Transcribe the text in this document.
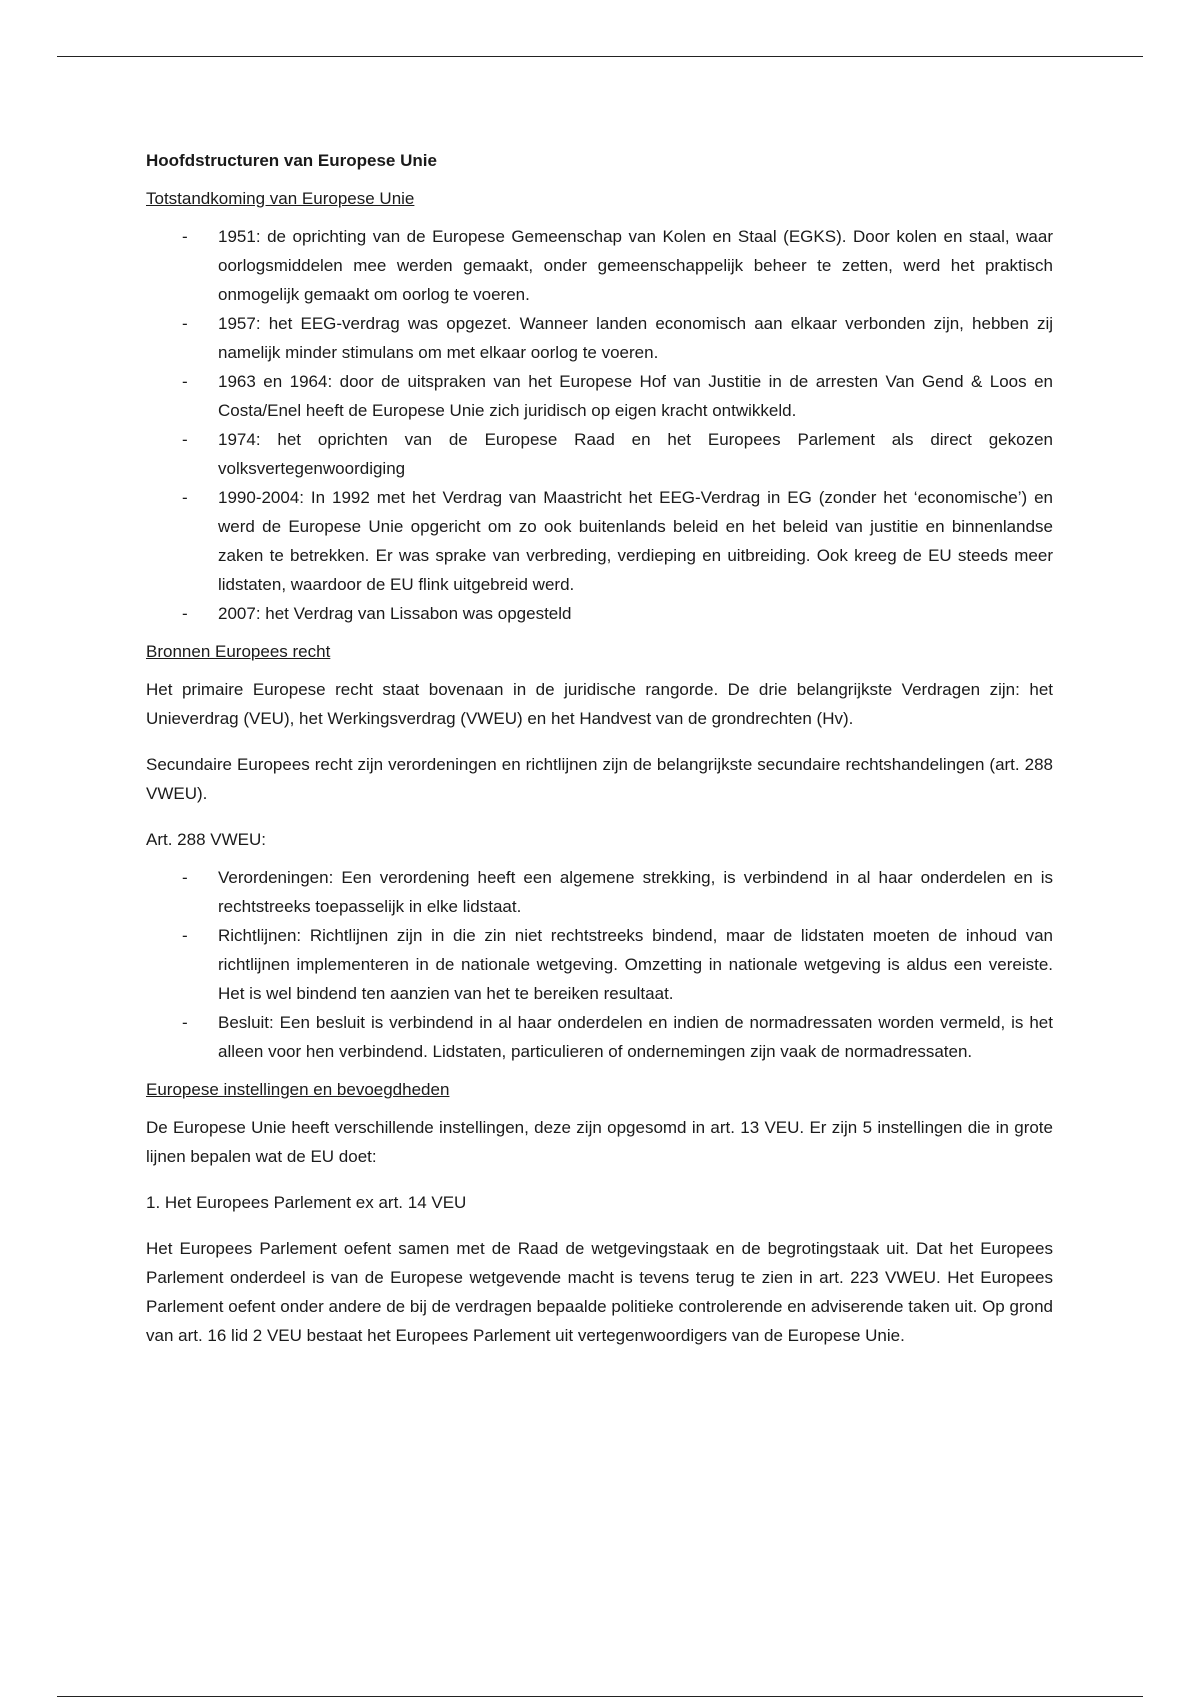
Hoofdstructuren van Europese Unie
Totstandkoming van Europese Unie
- 1951: de oprichting van de Europese Gemeenschap van Kolen en Staal (EGKS). Door kolen en staal, waar oorlogsmiddelen mee werden gemaakt, onder gemeenschappelijk beheer te zetten, werd het praktisch onmogelijk gemaakt om oorlog te voeren.
- 1957: het EEG-verdrag was opgezet. Wanneer landen economisch aan elkaar verbonden zijn, hebben zij namelijk minder stimulans om met elkaar oorlog te voeren.
- 1963 en 1964: door de uitspraken van het Europese Hof van Justitie in de arresten Van Gend & Loos en Costa/Enel heeft de Europese Unie zich juridisch op eigen kracht ontwikkeld.
- 1974: het oprichten van de Europese Raad en het Europees Parlement als direct gekozen volksvertegenwoordiging
- 1990-2004: In 1992 met het Verdrag van Maastricht het EEG-Verdrag in EG (zonder het ‘economische’) en werd de Europese Unie opgericht om zo ook buitenlands beleid en het beleid van justitie en binnenlandse zaken te betrekken. Er was sprake van verbreding, verdieping en uitbreiding. Ook kreeg de EU steeds meer lidstaten, waardoor de EU flink uitgebreid werd.
- 2007: het Verdrag van Lissabon was opgesteld
Bronnen Europees recht

Het primaire Europese recht staat bovenaan in de juridische rangorde. De drie belangrijkste Verdragen zijn: het Unieverdrag (VEU), het Werkingsverdrag (VWEU) en het Handvest van de grondrechten (Hv).

Secundaire Europees recht zijn verordeningen en richtlijnen zijn de belangrijkste secundaire rechtshandelingen (art. 288 VWEU).

Art. 288 VWEU:

- Verordeningen: Een verordening heeft een algemene strekking, is verbindend in al haar onderdelen en is rechtstreeks toepasselijk in elke lidstaat.
- Richtlijnen: Richtlijnen zijn in die zin niet rechtstreeks bindend, maar de lidstaten moeten de inhoud van richtlijnen implementeren in de nationale wetgeving. Omzetting in nationale wetgeving is aldus een vereiste. Het is wel bindend ten aanzien van het te bereiken resultaat.
- Besluit: Een besluit is verbindend in al haar onderdelen en indien de normadressaten worden vermeld, is het alleen voor hen verbindend. Lidstaten, particulieren of ondernemingen zijn vaak de normadressaten.
Europese instellingen en bevoegdheden

De Europese Unie heeft verschillende instellingen, deze zijn opgesomd in art. 13 VEU. Er zijn 5 instellingen die in grote lijnen bepalen wat de EU doet:

1. Het Europees Parlement ex art. 14 VEU

Het Europees Parlement oefent samen met de Raad de wetgevingstaak en de begrotingstaak uit. Dat het Europees Parlement onderdeel is van de Europese wetgevende macht is tevens terug te zien in art. 223 VWEU. Het Europees Parlement oefent onder andere de bij de verdragen bepaalde politieke controlerende en adviserende taken uit. Op grond van art. 16 lid 2 VEU bestaat het Europees Parlement uit vertegenwoordigers van de Europese Unie.
